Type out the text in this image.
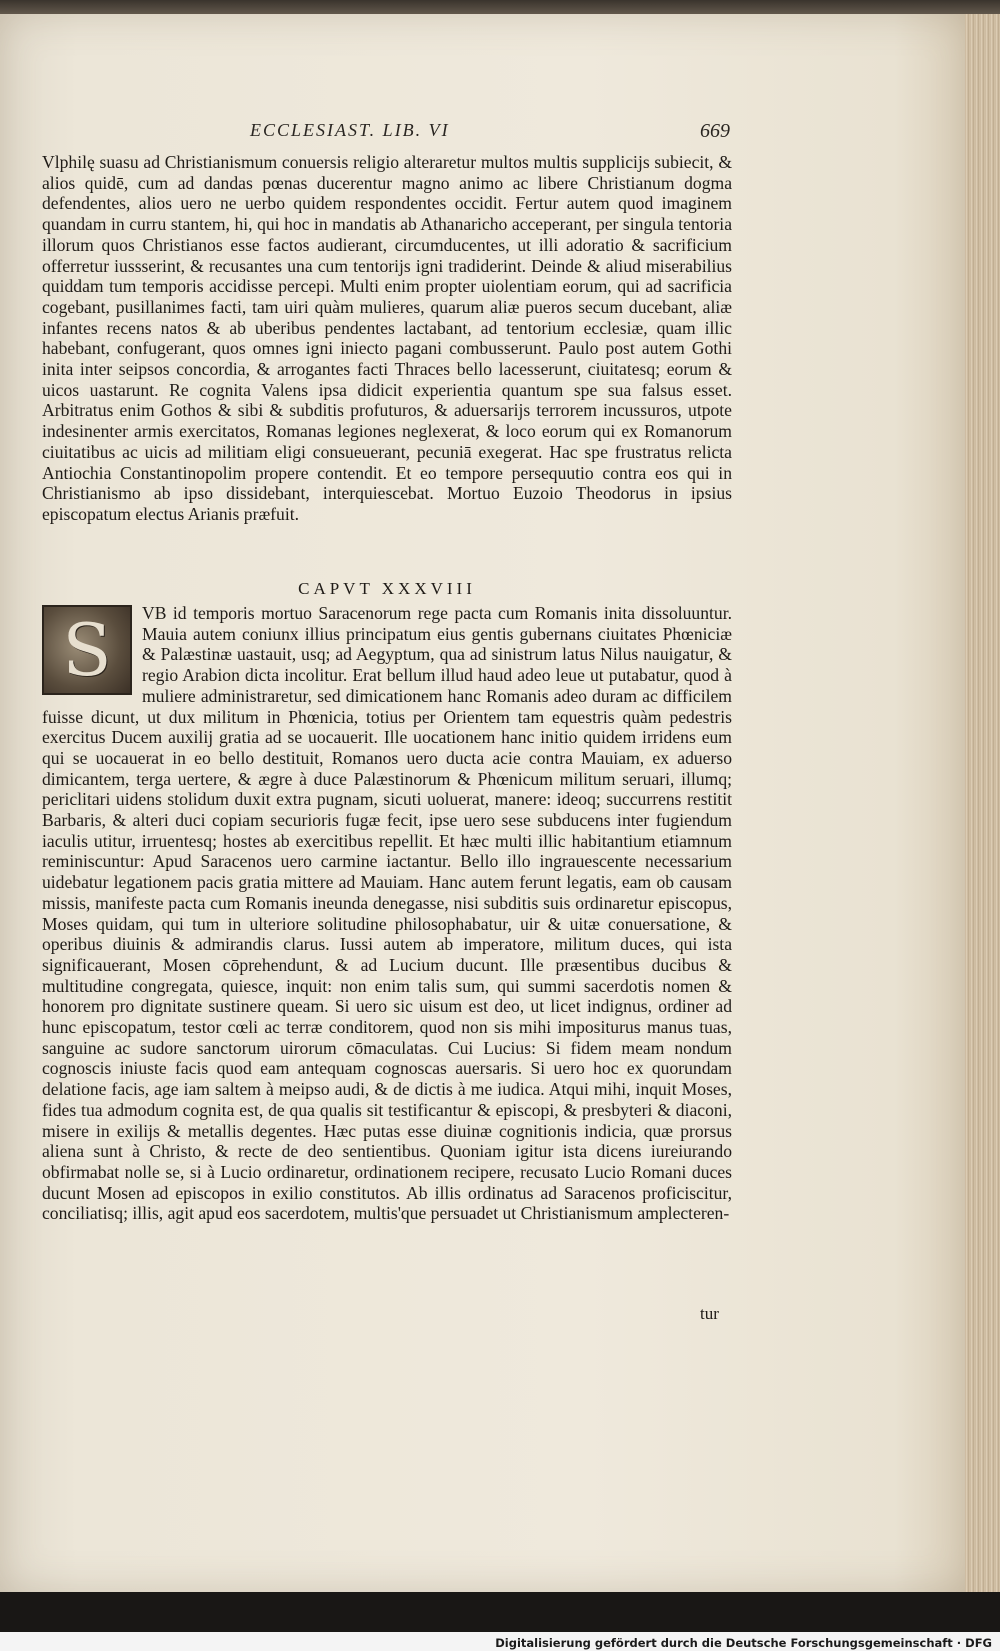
ECCLESIAST. LIB. VI	669

Vlphilę suasu ad Christianismum conuersis religio alteraretur multos multis supplicijs subiecit, & alios quidē, cum ad dandas pœnas ducerentur magno animo ac libere Christianum dogma defendentes, alios uero ne uerbo quidem respondentes occidit. Fertur autem quod imaginem quandam in curru stantem, hi, qui hoc in mandatis ab Athanaricho acceperant, per singula tentoria illorum quos Christianos esse factos audierant, circumducentes, ut illi adoratio & sacrificium offerretur iussserint, & recusantes una cum tentorijs igni tradiderint. Deinde & aliud miserabilius quiddam tum temporis accidisse percepi. Multi enim propter uiolentiam eorum, qui ad sacrificia cogebant, pusillanimes facti, tam uiri quàm mulieres, quarum aliæ pueros secum ducebant, aliæ infantes recens natos & ab uberibus pendentes lactabant, ad tentorium ecclesiæ, quam illic habebant, confugerant, quos omnes igni iniecto pagani combusserunt. Paulo post autem Gothi inita inter seipsos concordia, & arrogantes facti Thraces bello lacesserunt, ciuitatesq; eorum & uicos uastarunt. Re cognita Valens ipsa didicit experientia quantum spe sua falsus esset. Arbitratus enim Gothos & sibi & subditis profuturos, & aduersarijs terrorem incussuros, utpote indesinenter armis exercitatos, Romanas legiones neglexerat, & loco eorum qui ex Romanorum ciuitatibus ac uicis ad militiam eligi consueuerant, pecuniā exegerat. Hac spe frustratus relicta Antiochia Constantinopolim propere contendit. Et eo tempore persequutio contra eos qui in Christianismo ab ipso dissidebant, interquiescebat. Mortuo Euzoio Theodorus in ipsius episcopatum electus Arianis præfuit.

CAPVT XXXVIII
S	VB id temporis mortuo Saracenorum rege pacta cum Romanis inita dissoluuntur. Mauia autem coniunx illius principatum eius gentis gubernans ciuitates Phœniciæ & Palæstinæ uastauit, usq; ad Aegyptum, qua ad sinistrum latus Nilus nauigatur, & regio Arabion dicta incolitur. Erat bellum illud haud adeo leue ut putabatur, quod à muliere administraretur, sed dimicationem hanc Romanis adeo duram ac difficilem fuisse dicunt, ut dux militum in Phœnicia, totius per Orientem tam equestris quàm pedestris exercitus Ducem auxilij gratia ad se uocauerit. Ille uocationem hanc initio quidem irridens eum qui se uocauerat in eo bello destituit, Romanos uero ducta acie contra Mauiam, ex aduerso dimicantem, terga uertere, & ægre à duce Palæstinorum & Phœnicum militum seruari, illumq; periclitari uidens stolidum duxit extra pugnam, sicuti uoluerat, manere: ideoq; succurrens restitit Barbaris, & alteri duci copiam securioris fugæ fecit, ipse uero sese subducens inter fugiendum iaculis utitur, irruentesq; hostes ab exercitibus repellit. Et hæc multi illic habitantium etiamnum reminiscuntur: Apud Saracenos uero carmine iactantur. Bello illo ingrauescente necessarium uidebatur legationem pacis gratia mittere ad Mauiam. Hanc autem ferunt legatis, eam ob causam missis, manifeste pacta cum Romanis ineunda denegasse, nisi subditis suis ordinaretur episcopus, Moses quidam, qui tum in ulteriore solitudine philosophabatur, uir & uitæ conuersatione, & operibus diuinis & admirandis clarus. Iussi autem ab imperatore, militum duces, qui ista significauerant, Mosen cōprehendunt, & ad Lucium ducunt. Ille præsentibus ducibus & multitudine congregata, quiesce, inquit: non enim talis sum, qui summi sacerdotis nomen & honorem pro dignitate sustinere queam. Si uero sic uisum est deo, ut licet indignus, ordiner ad hunc episcopatum, testor cœli ac terræ conditorem, quod non sis mihi impositurus manus tuas, sanguine ac sudore sanctorum uirorum cōmaculatas. Cui Lucius: Si fidem meam nondum cognoscis iniuste facis quod eam antequam cognoscas auersaris. Si uero hoc ex quorundam delatione facis, age iam saltem à meipso audi, & de dictis à me iudica. Atqui mihi, inquit Moses, fides tua admodum cognita est, de qua qualis sit testificantur & episcopi, & presbyteri & diaconi, misere in exilijs & metallis degentes. Hæc putas esse diuinæ cognitionis indicia, quæ prorsus aliena sunt à Christo, & recte de deo sentientibus. Quoniam igitur ista dicens iureiurando obfirmabat nolle se, si à Lucio ordinaretur, ordinationem recipere, recusato Lucio Romani duces ducunt Mosen ad episcopos in exilio constitutos. Ab illis ordinatus ad Saracenos proficiscitur, conciliatisq; illis, agit apud eos sacerdotem, multis'que persuadet ut Christianismum amplecteren-
tur
Digitalisierung gefördert durch die Deutsche Forschungsgemeinschaft · DFG
